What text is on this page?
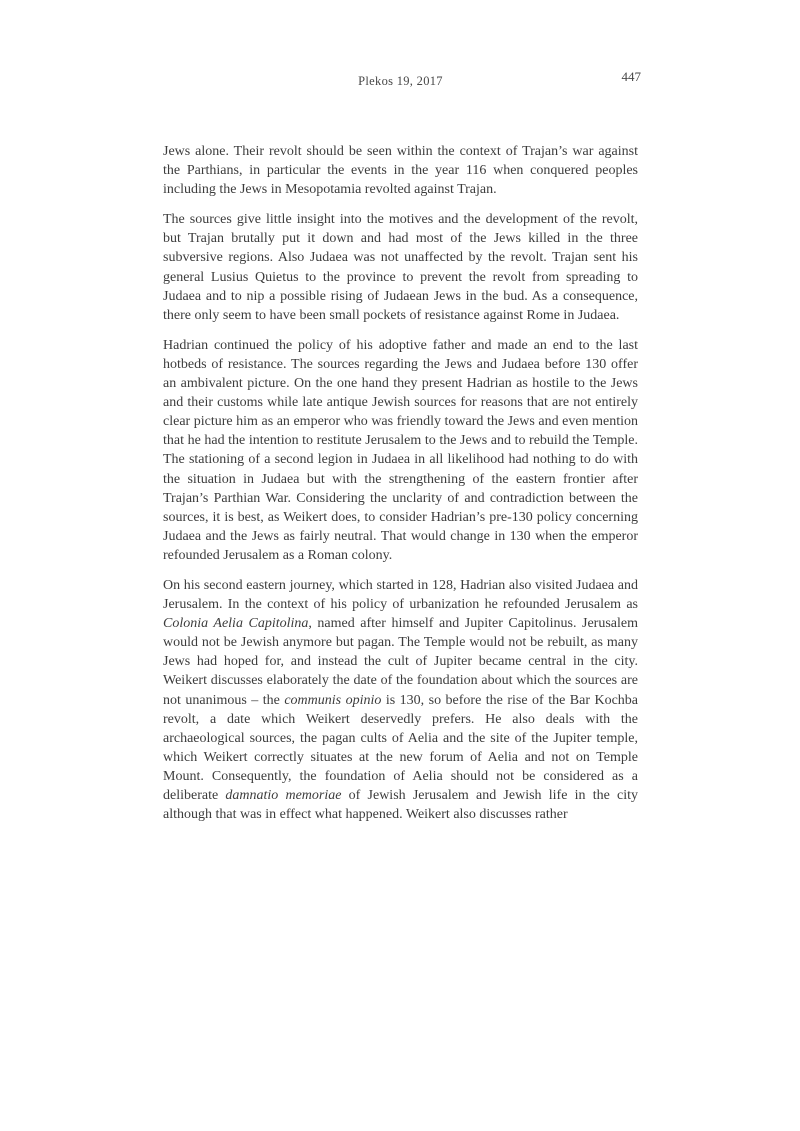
Plekos 19, 2017	447

Jews alone. Their revolt should be seen within the context of Trajan’s war against the Parthians, in particular the events in the year 116 when conquered peoples including the Jews in Mesopotamia revolted against Trajan.

The sources give little insight into the motives and the development of the revolt, but Trajan brutally put it down and had most of the Jews killed in the three subversive regions. Also Judaea was not unaffected by the revolt. Trajan sent his general Lusius Quietus to the province to prevent the revolt from spreading to Judaea and to nip a possible rising of Judaean Jews in the bud. As a consequence, there only seem to have been small pockets of resistance against Rome in Judaea.

Hadrian continued the policy of his adoptive father and made an end to the last hotbeds of resistance. The sources regarding the Jews and Judaea before 130 offer an ambivalent picture. On the one hand they present Hadrian as hostile to the Jews and their customs while late antique Jewish sources for reasons that are not entirely clear picture him as an emperor who was friendly toward the Jews and even mention that he had the intention to restitute Jerusalem to the Jews and to rebuild the Temple. The stationing of a second legion in Judaea in all likelihood had nothing to do with the situation in Judaea but with the strengthening of the eastern frontier after Trajan’s Parthian War. Considering the unclarity of and contradiction between the sources, it is best, as Weikert does, to consider Hadrian’s pre-130 policy concerning Judaea and the Jews as fairly neutral. That would change in 130 when the emperor refounded Jerusalem as a Roman colony.

On his second eastern journey, which started in 128, Hadrian also visited Judaea and Jerusalem. In the context of his policy of urbanization he refounded Jerusalem as Colonia Aelia Capitolina, named after himself and Jupiter Capitolinus. Jerusalem would not be Jewish anymore but pagan. The Temple would not be rebuilt, as many Jews had hoped for, and instead the cult of Jupiter became central in the city. Weikert discusses elaborately the date of the foundation about which the sources are not unanimous – the communis opinio is 130, so before the rise of the Bar Kochba revolt, a date which Weikert deservedly prefers. He also deals with the archaeological sources, the pagan cults of Aelia and the site of the Jupiter temple, which Weikert correctly situates at the new forum of Aelia and not on Temple Mount. Consequently, the foundation of Aelia should not be considered as a deliberate damnatio memoriae of Jewish Jerusalem and Jewish life in the city although that was in effect what happened. Weikert also discusses rather
